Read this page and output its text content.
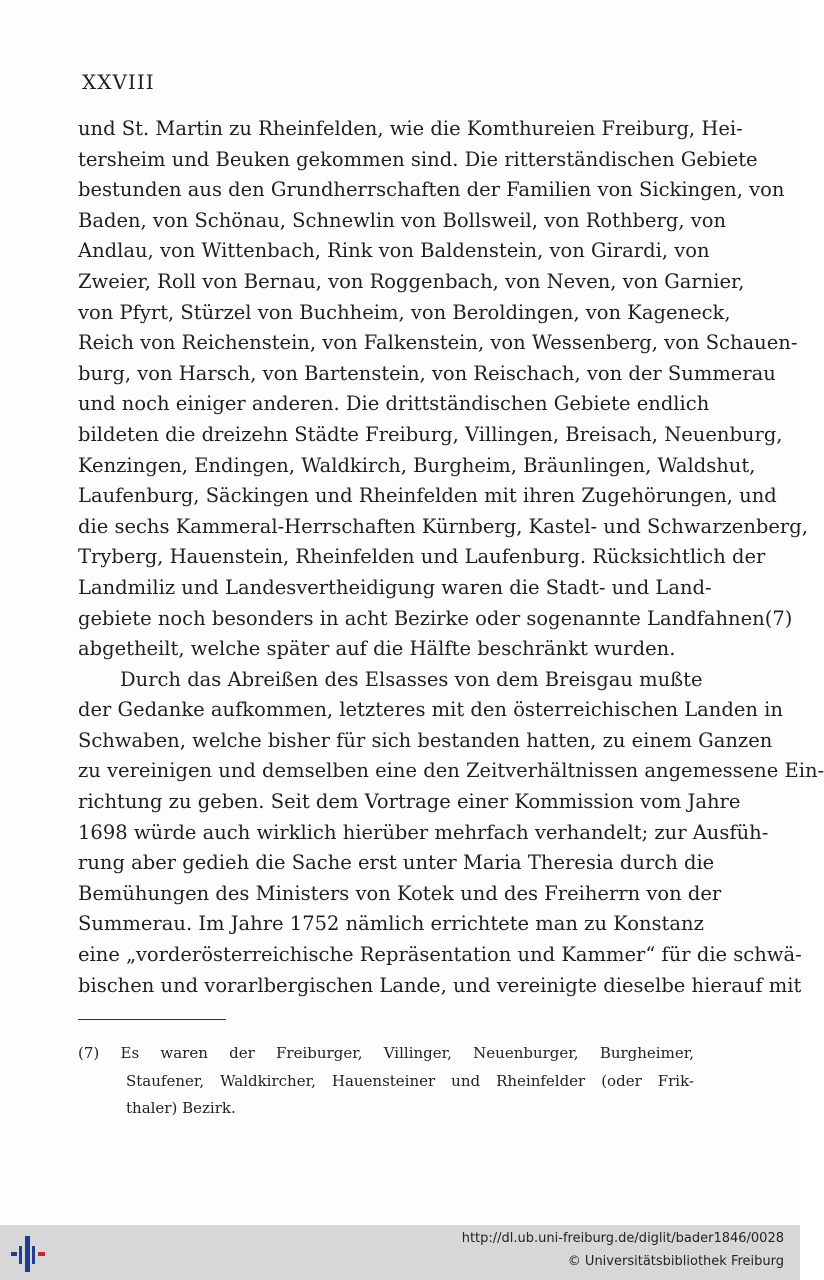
XXVIII
und St. Martin zu Rheinfelden, wie die Komthureien Freiburg, Hei-
tersheim und Beuken gekommen sind. Die ritterständischen Gebiete
bestunden aus den Grundherrschaften der Familien von Sickingen, von
Baden, von Schönau, Schnewlin von Bollsweil, von Rothberg, von
Andlau, von Wittenbach, Rink von Baldenstein, von Girardi, von
Zweier, Roll von Bernau, von Roggenbach, von Neven, von Garnier,
von Pfyrt, Stürzel von Buchheim, von Beroldingen, von Kageneck,
Reich von Reichenstein, von Falkenstein, von Wessenberg, von Schauen-
burg, von Harsch, von Bartenstein, von Reischach, von der Summerau
und noch einiger anderen. Die drittständischen Gebiete endlich
bildeten die dreizehn Städte Freiburg, Villingen, Breisach, Neuenburg,
Kenzingen, Endingen, Waldkirch, Burgheim, Bräunlingen, Waldshut,
Laufenburg, Säckingen und Rheinfelden mit ihren Zugehörungen, und
die sechs Kammeral-Herrschaften Kürnberg, Kastel- und Schwarzenberg,
Tryberg, Hauenstein, Rheinfelden und Laufenburg. Rücksichtlich der
Landmiliz und Landesvertheidigung waren die Stadt- und Land-
gebiete noch besonders in acht Bezirke oder sogenannte Landfahnen(7)
abgetheilt, welche später auf die Hälfte beschränkt wurden.
Durch das Abreißen des Elsasses von dem Breisgau mußte
der Gedanke aufkommen, letzteres mit den österreichischen Landen in
Schwaben, welche bisher für sich bestanden hatten, zu einem Ganzen
zu vereinigen und demselben eine den Zeitverhältnissen angemessene Ein-
richtung zu geben. Seit dem Vortrage einer Kommission vom Jahre
1698 würde auch wirklich hierüber mehrfach verhandelt; zur Ausfüh-
rung aber gedieh die Sache erst unter Maria Theresia durch die
Bemühungen des Ministers von Kotek und des Freiherrn von der
Summerau. Im Jahre 1752 nämlich errichtete man zu Konstanz
eine „vorderösterreichische Repräsentation und Kammer“ für die schwä-
bischen und vorarlbergischen Lande, und vereinigte dieselbe hierauf mit
(7) Es waren der Freiburger, Villinger, Neuenburger, Burgheimer,
Staufener, Waldkircher, Hauensteiner und Rheinfelder (oder Frik-
thaler) Bezirk.
http://dl.ub.uni-freiburg.de/diglit/bader1846/0028
© Universitätsbibliothek Freiburg
